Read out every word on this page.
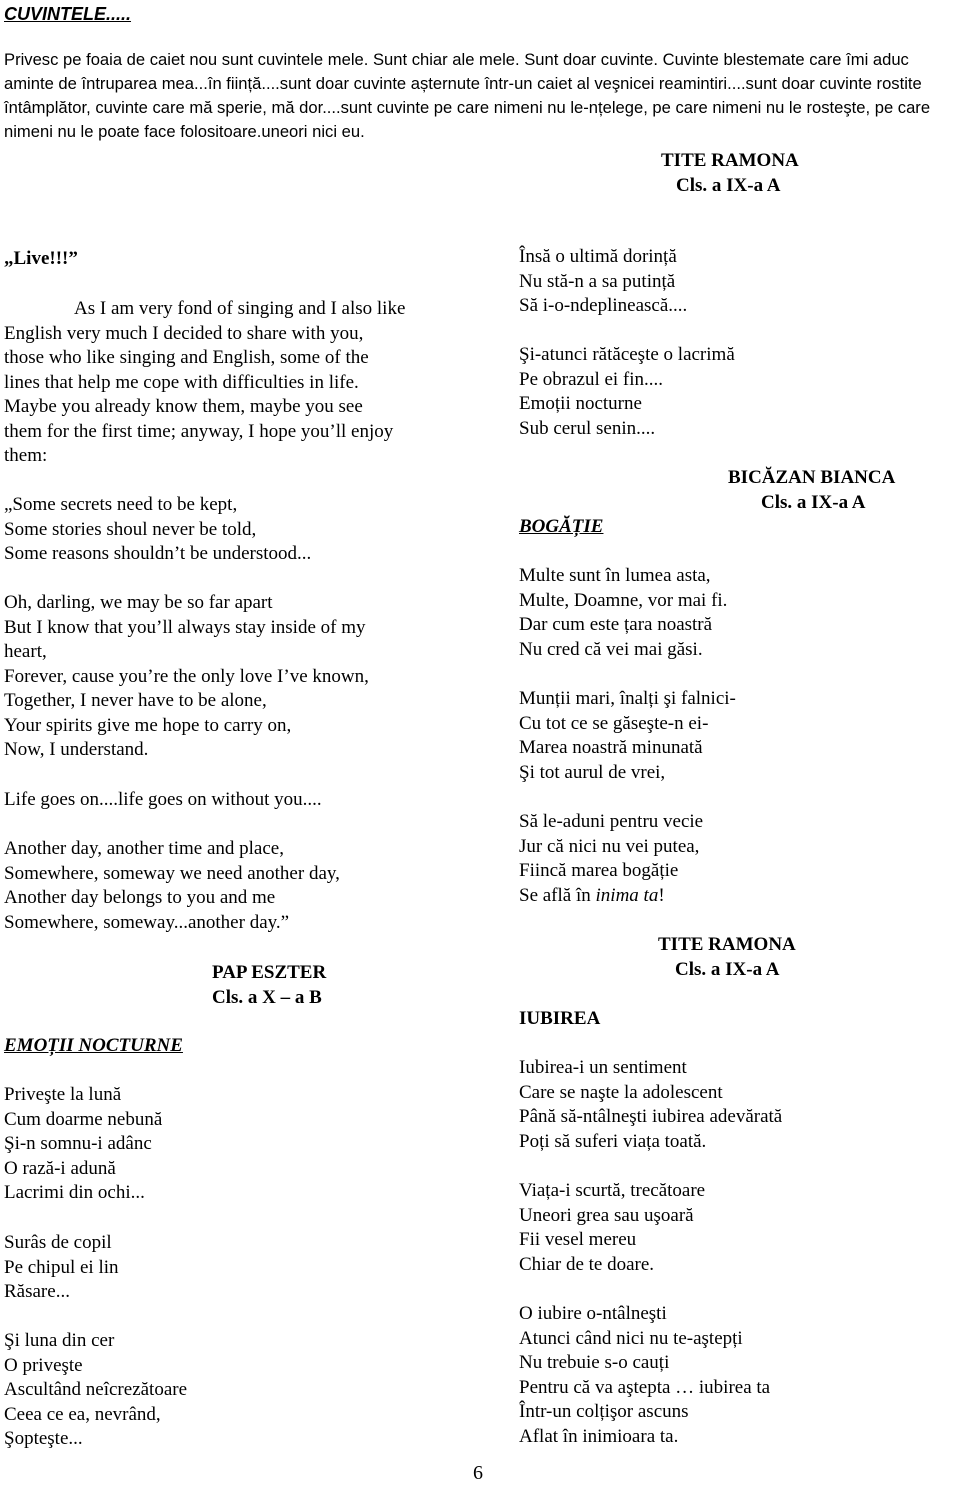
CUVINTELE.....

Privesc pe foaia de caiet nou sunt cuvintele mele. Sunt chiar ale mele. Sunt doar cuvinte. Cuvinte blestemate care îmi aduc aminte de întruparea mea...în ființă....sunt doar cuvinte așternute într-un caiet al veşnicei reamintiri....sunt doar cuvinte rostite întâmplător, cuvinte care mă sperie, mă dor....sunt cuvinte pe care nimeni nu le-nțelege, pe care nimeni nu le rosteşte, pe care nimeni nu le poate face folositoare.uneori nici eu.

TITE RAMONA
Cls. a IX-a A
„Live!!!”
As I am very fond of singing and I also like
English very much I decided to share with you,
those who like singing and English, some of the
lines that help me cope with difficulties in life.
Maybe you already know them, maybe you see
them for the first time; anyway, I hope you’ll enjoy
them:
„Some secrets need to be kept,
Some stories shoul never be told,
Some reasons shouldn’t be understood...
Oh, darling, we may be so far apart
But I know that you’ll always stay inside of my
heart,
Forever, cause you’re the only love I’ve known,
Together, I never have to be alone,
Your spirits give me hope to carry on,
Now, I understand.
Life goes on....life goes on without you....
Another day, another time and place,
Somewhere, someway we need another day,
Another day belongs to you and me
Somewhere, someway...another day.”
PAP ESZTER
Cls. a X – a B
EMOȚII NOCTURNE
Priveşte la lună
Cum doarme nebună
Şi-n somnu-i adânc
O rază-i adună
Lacrimi din ochi...
Surâs de copil
Pe chipul ei lin
Răsare...
Şi luna din cer
O priveşte
Ascultând neîcrezătoare
Ceea ce ea, nevrând,
Şopteşte...
6
Însă o ultimă dorință
Nu stă-n a sa putință
Să i-o-ndeplinească....
Şi-atunci rătăceşte o lacrimă
Pe obrazul ei fin....
Emoții nocturne
Sub cerul senin....
BICĂZAN BIANCA
Cls. a IX-a A
BOGĂȚIE
Multe sunt în lumea asta,
Multe, Doamne, vor mai fi.
Dar cum este țara noastră
Nu cred că vei mai găsi.
Munții mari, înalți şi falnici-
Cu tot ce se găseşte-n ei-
Marea noastră minunată
Şi tot aurul de vrei,
Să le-aduni pentru vecie
Jur că nici nu vei putea,
Fiincă marea bogăție
Se află în inima ta!
TITE RAMONA
Cls. a IX-a A
IUBIREA
Iubirea-i un sentiment
Care se naşte la adolescent
Până să-ntâlneşti iubirea adevărată
Poți să suferi viața toată.
Viața-i scurtă, trecătoare
Uneori grea sau uşoară
Fii vesel mereu
Chiar de te doare.
O iubire o-ntâlneşti
Atunci când nici nu te-aştepți
Nu trebuie s-o cauți
Pentru că va aştepta … iubirea ta
Într-un colțişor ascuns
Aflat în inimioara ta.
